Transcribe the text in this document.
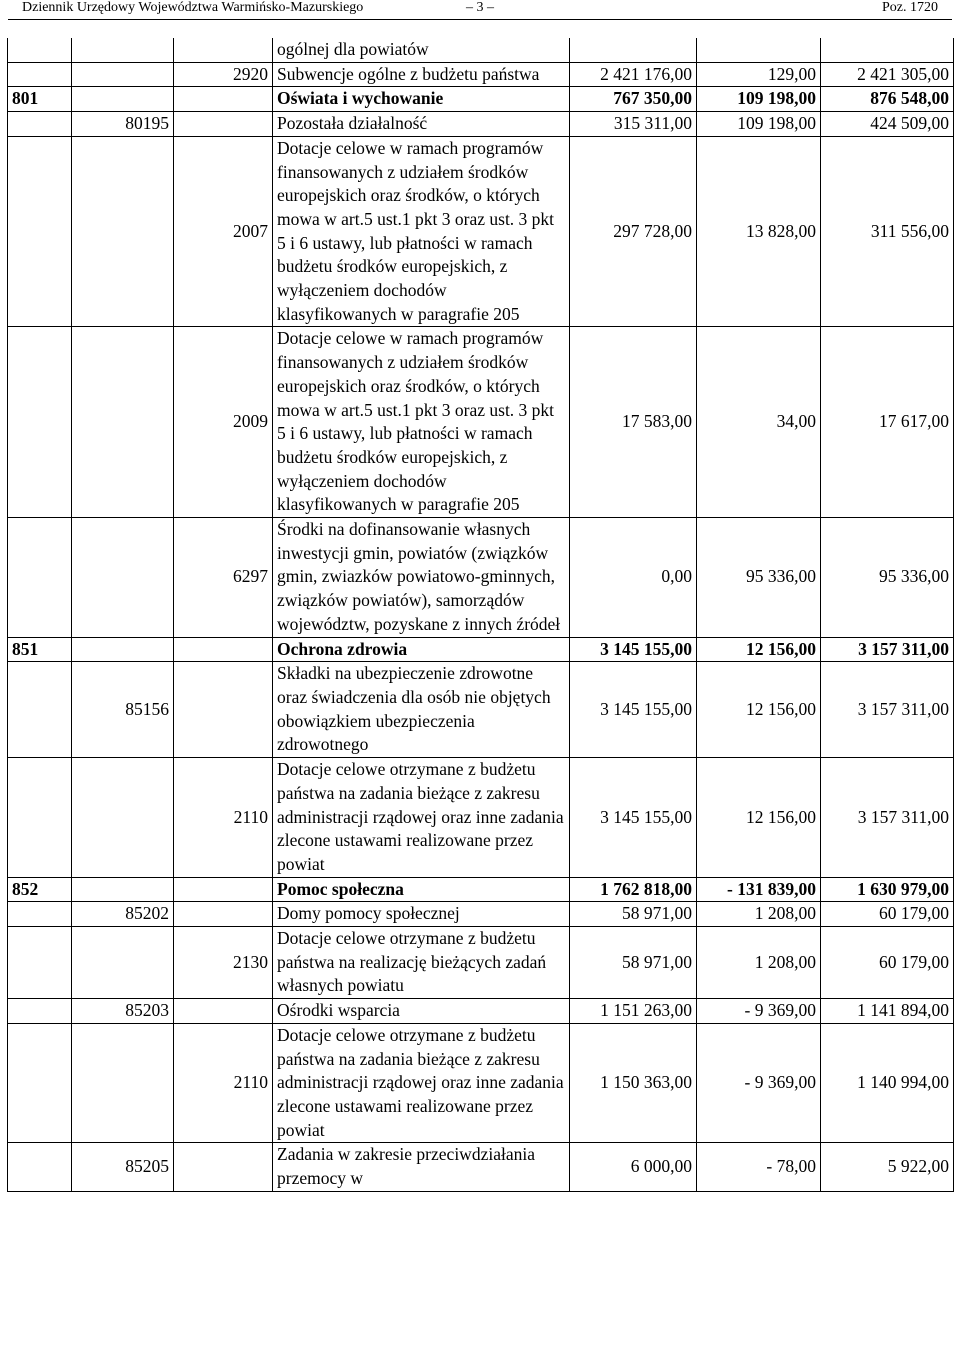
Dziennik Urzędowy Województwa Warmińsko-Mazurskiego	– 3 –	Poz. 1720
			ogólnej dla powiatów			
		2920	Subwencje ogólne z budżetu państwa	2 421 176,00	129,00	2 421 305,00
801			Oświata i wychowanie	767 350,00	109 198,00	876 548,00
	80195		Pozostała działalność	315 311,00	109 198,00	424 509,00
		2007	Dotacje celowe w ramach programów finansowanych z udziałem środków europejskich oraz środków, o których mowa w art.5 ust.1 pkt 3 oraz ust. 3 pkt 5 i 6 ustawy, lub płatności w ramach budżetu środków europejskich, z wyłączeniem dochodów klasyfikowanych w paragrafie 205	297 728,00	13 828,00	311 556,00
		2009	Dotacje celowe w ramach programów finansowanych z udziałem środków europejskich oraz środków, o których mowa w art.5 ust.1 pkt 3 oraz ust. 3 pkt 5 i 6 ustawy, lub płatności w ramach budżetu środków europejskich, z wyłączeniem dochodów klasyfikowanych w paragrafie 205	17 583,00	34,00	17 617,00
		6297	Środki na dofinansowanie własnych inwestycji gmin, powiatów (związków gmin, zwiazków powiatowo-gminnych, związków powiatów), samorządów województw, pozyskane z innych źródeł	0,00	95 336,00	95 336,00
851			Ochrona zdrowia	3 145 155,00	12 156,00	3 157 311,00
	85156		Składki na ubezpieczenie zdrowotne oraz świadczenia dla osób nie objętych obowiązkiem ubezpieczenia zdrowotnego	3 145 155,00	12 156,00	3 157 311,00
		2110	Dotacje celowe otrzymane z budżetu państwa na zadania bieżące z zakresu administracji rządowej oraz inne zadania zlecone ustawami realizowane przez powiat	3 145 155,00	12 156,00	3 157 311,00
852			Pomoc społeczna	1 762 818,00	- 131 839,00	1 630 979,00
	85202		Domy pomocy społecznej	58 971,00	1 208,00	60 179,00
		2130	Dotacje celowe otrzymane z budżetu państwa na realizację bieżących zadań własnych powiatu	58 971,00	1 208,00	60 179,00
	85203		Ośrodki wsparcia	1 151 263,00	- 9 369,00	1 141 894,00
		2110	Dotacje celowe otrzymane z budżetu państwa na zadania bieżące z zakresu administracji rządowej oraz inne zadania zlecone ustawami realizowane przez powiat	1 150 363,00	- 9 369,00	1 140 994,00
	85205		Zadania w zakresie przeciwdziałania przemocy w	6 000,00	- 78,00	5 922,00
